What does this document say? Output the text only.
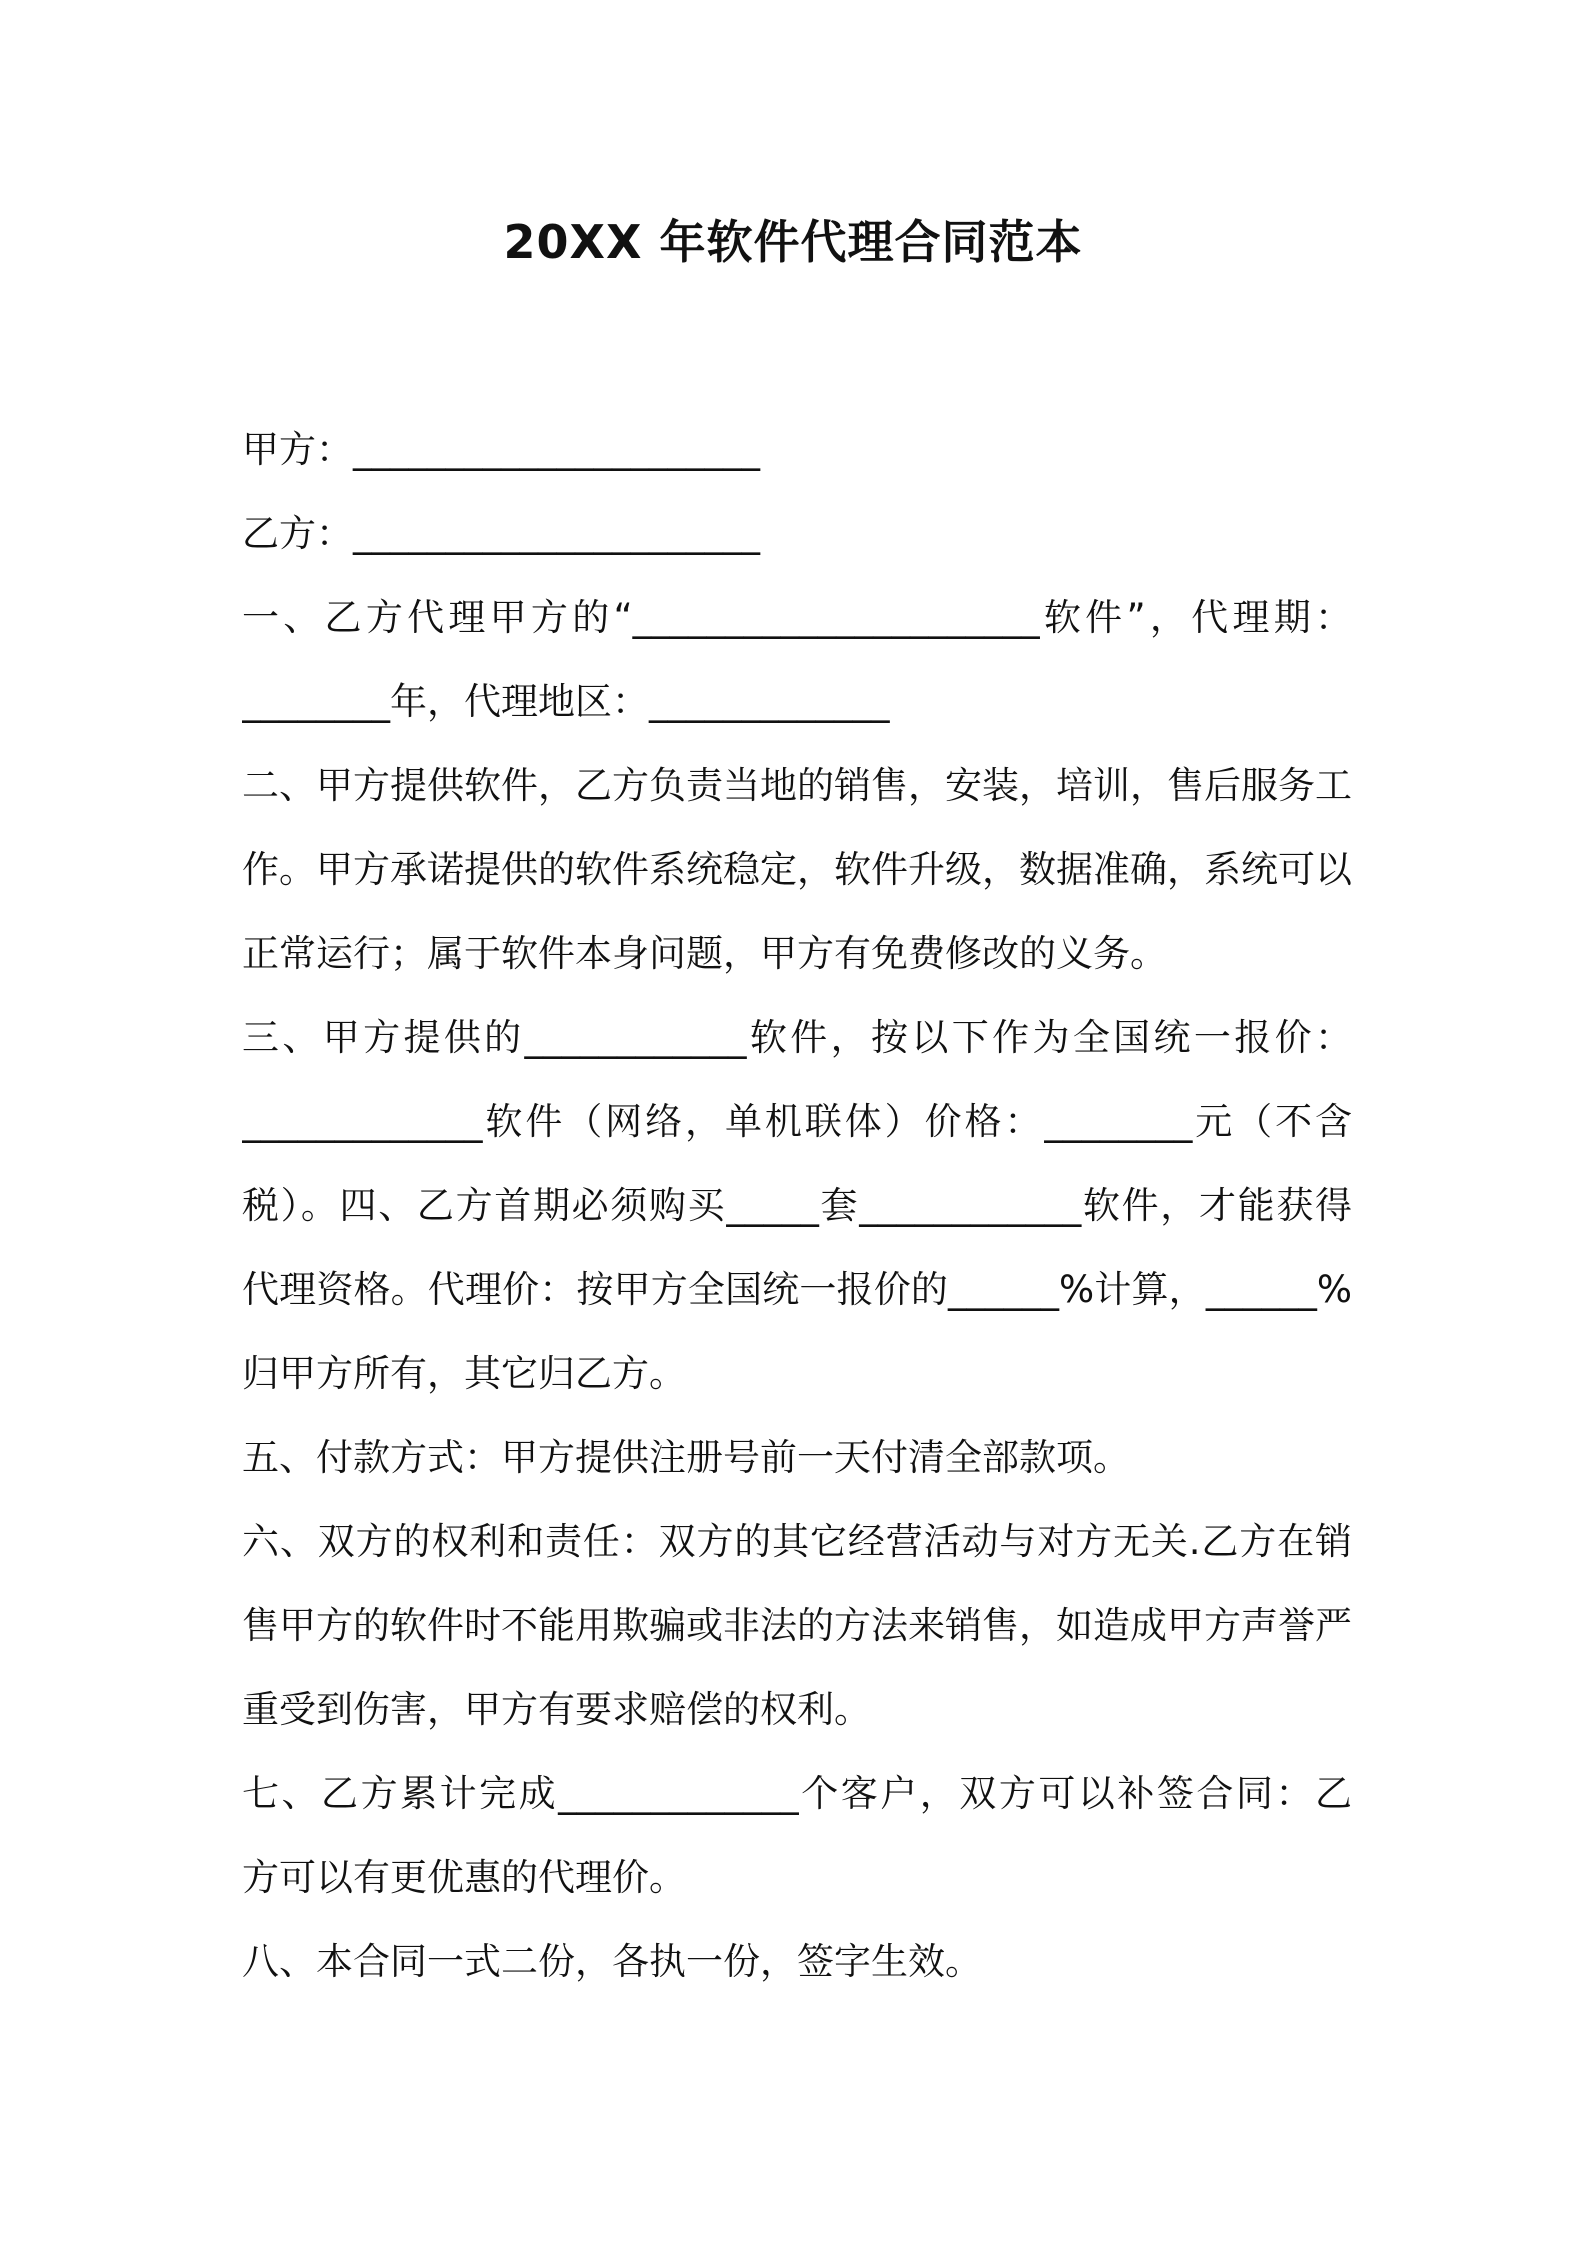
20XX 年软件代理合同范本
甲方：______________________
乙方：______________________
一、乙方代理甲方的“______________________软件”，代理期：
________年，代理地区：_____________
二、甲方提供软件，乙方负责当地的销售，安装，培训，售后服务工
作。甲方承诺提供的软件系统稳定，软件升级，数据准确，系统可以
正常运行；属于软件本身问题，甲方有免费修改的义务。
三、甲方提供的____________软件，按以下作为全国统一报价：
_____________软件（网络，单机联体）价格：________元（不含
税）。四、乙方首期必须购买_____套____________软件，才能获得
代理资格。代理价：按甲方全国统一报价的______%计算，______%
归甲方所有，其它归乙方。
五、付款方式：甲方提供注册号前一天付清全部款项。
六、双方的权利和责任：双方的其它经营活动与对方无关.乙方在销
售甲方的软件时不能用欺骗或非法的方法来销售，如造成甲方声誉严
重受到伤害，甲方有要求赔偿的权利。
七、乙方累计完成_____________个客户，双方可以补签合同：乙
方可以有更优惠的代理价。
八、本合同一式二份，各执一份，签字生效。
